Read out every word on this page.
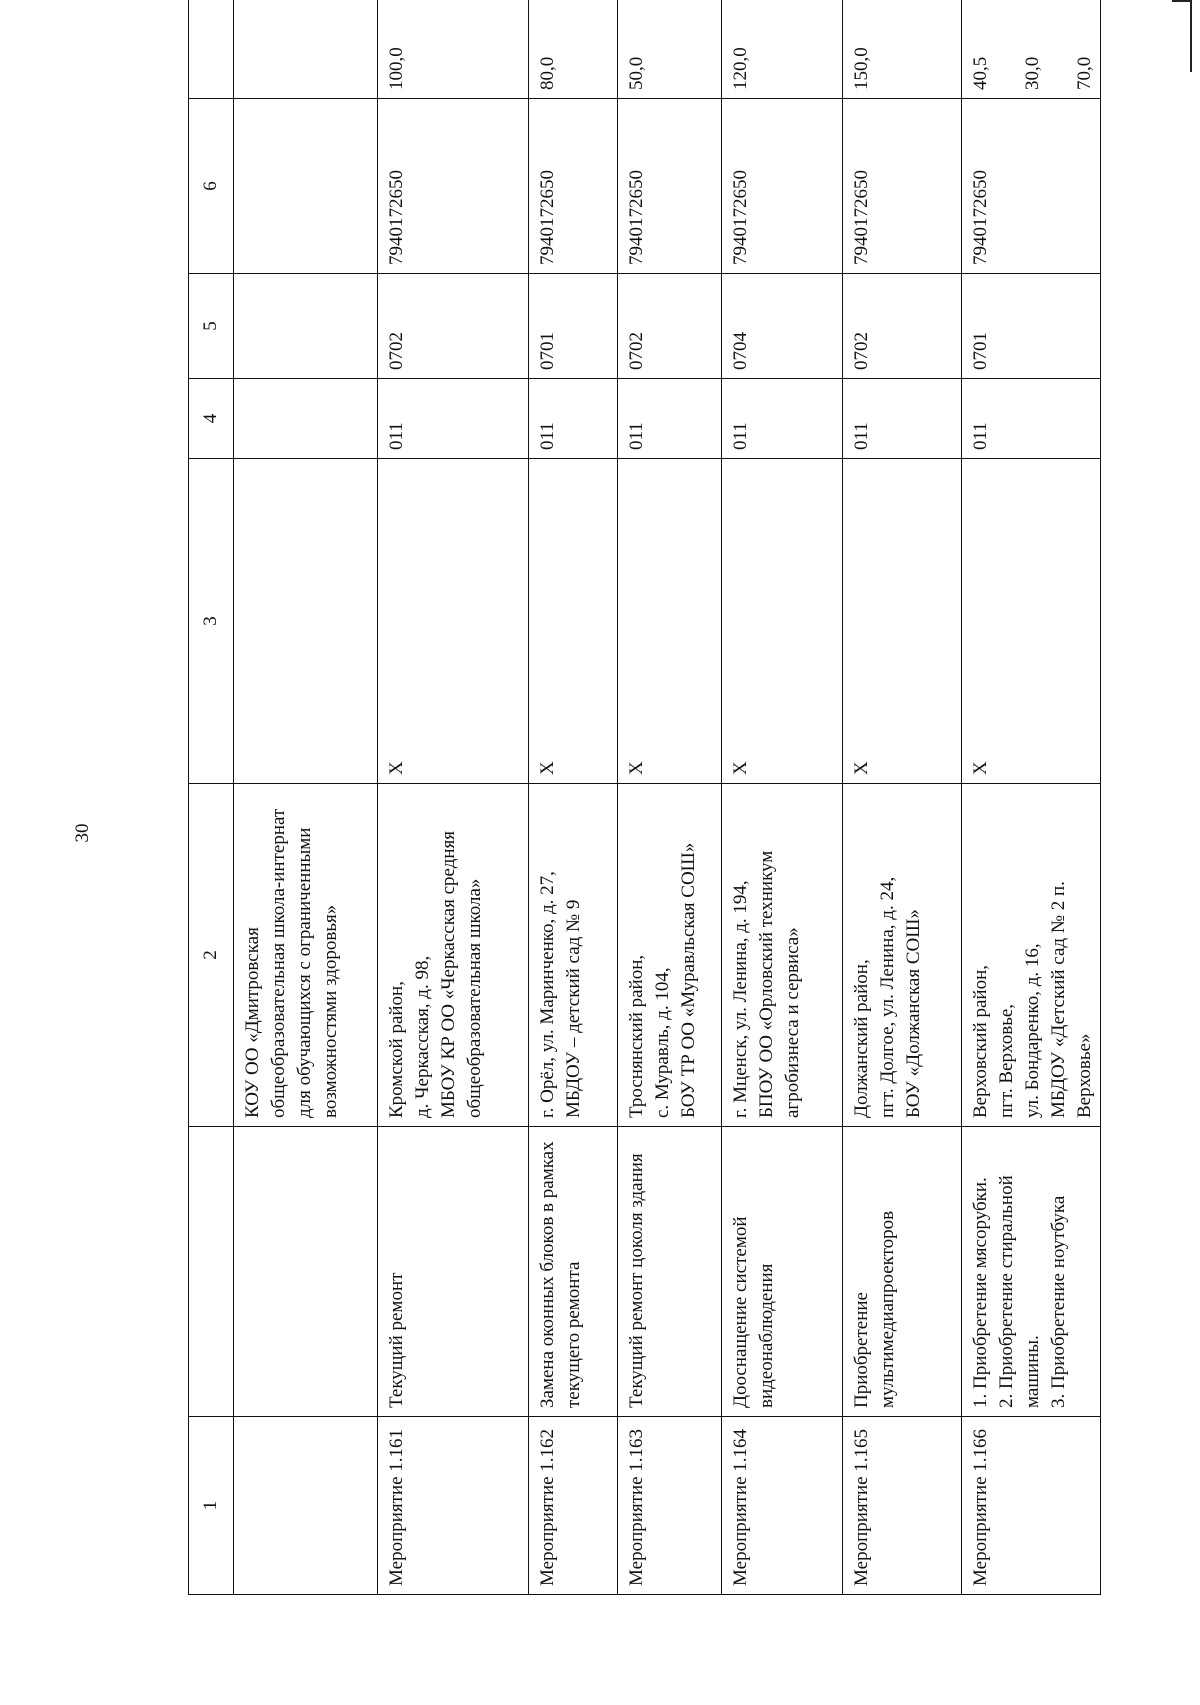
30
1		2	3	4	5	6	
		КОУ ОО «Дмитровская общеобразовательная школа-интернат для обучающихся с ограниченными возможностями здоровья»					
Мероприятие 1.161	Текущий ремонт	Кромской район,
д. Черкасская, д. 98,
МБОУ КР ОО «Черкасская средняя общеобразовательная школа»	X	011	0702	7940172650	100,0
Мероприятие 1.162	Замена оконных блоков в рамках текущего ремонта	г. Орёл, ул. Маринченко, д. 27,
МБДОУ – детский сад № 9	X	011	0701	7940172650	80,0
Мероприятие 1.163	Текущий ремонт цоколя здания	Троснянский район,
с. Муравль, д. 104,
БОУ ТР ОО «Муравльская СОШ»	X	011	0702	7940172650	50,0
Мероприятие 1.164	Дооснащение системой видеонаблюдения	г. Мценск, ул. Ленина, д. 194,
БПОУ ОО «Орловский техникум агробизнеса и сервиса»	X	011	0704	7940172650	120,0
Мероприятие 1.165	Приобретение мультимедиапроекторов	Должанский район,
пгт. Долгое, ул. Ленина, д. 24,
БОУ «Должанская СОШ»	X	011	0702	7940172650	150,0
Мероприятие 1.166	1. Приобретение мясорубки.
2. Приобретение стиральной машины.
3. Приобретение ноутбука	Верховский район,
пгт. Верховье,
ул. Бондаренко, д. 16,
МБДОУ «Детский сад № 2 п. Верховье»	X	011	0701	7940172650	40,5

30,0

70,0
